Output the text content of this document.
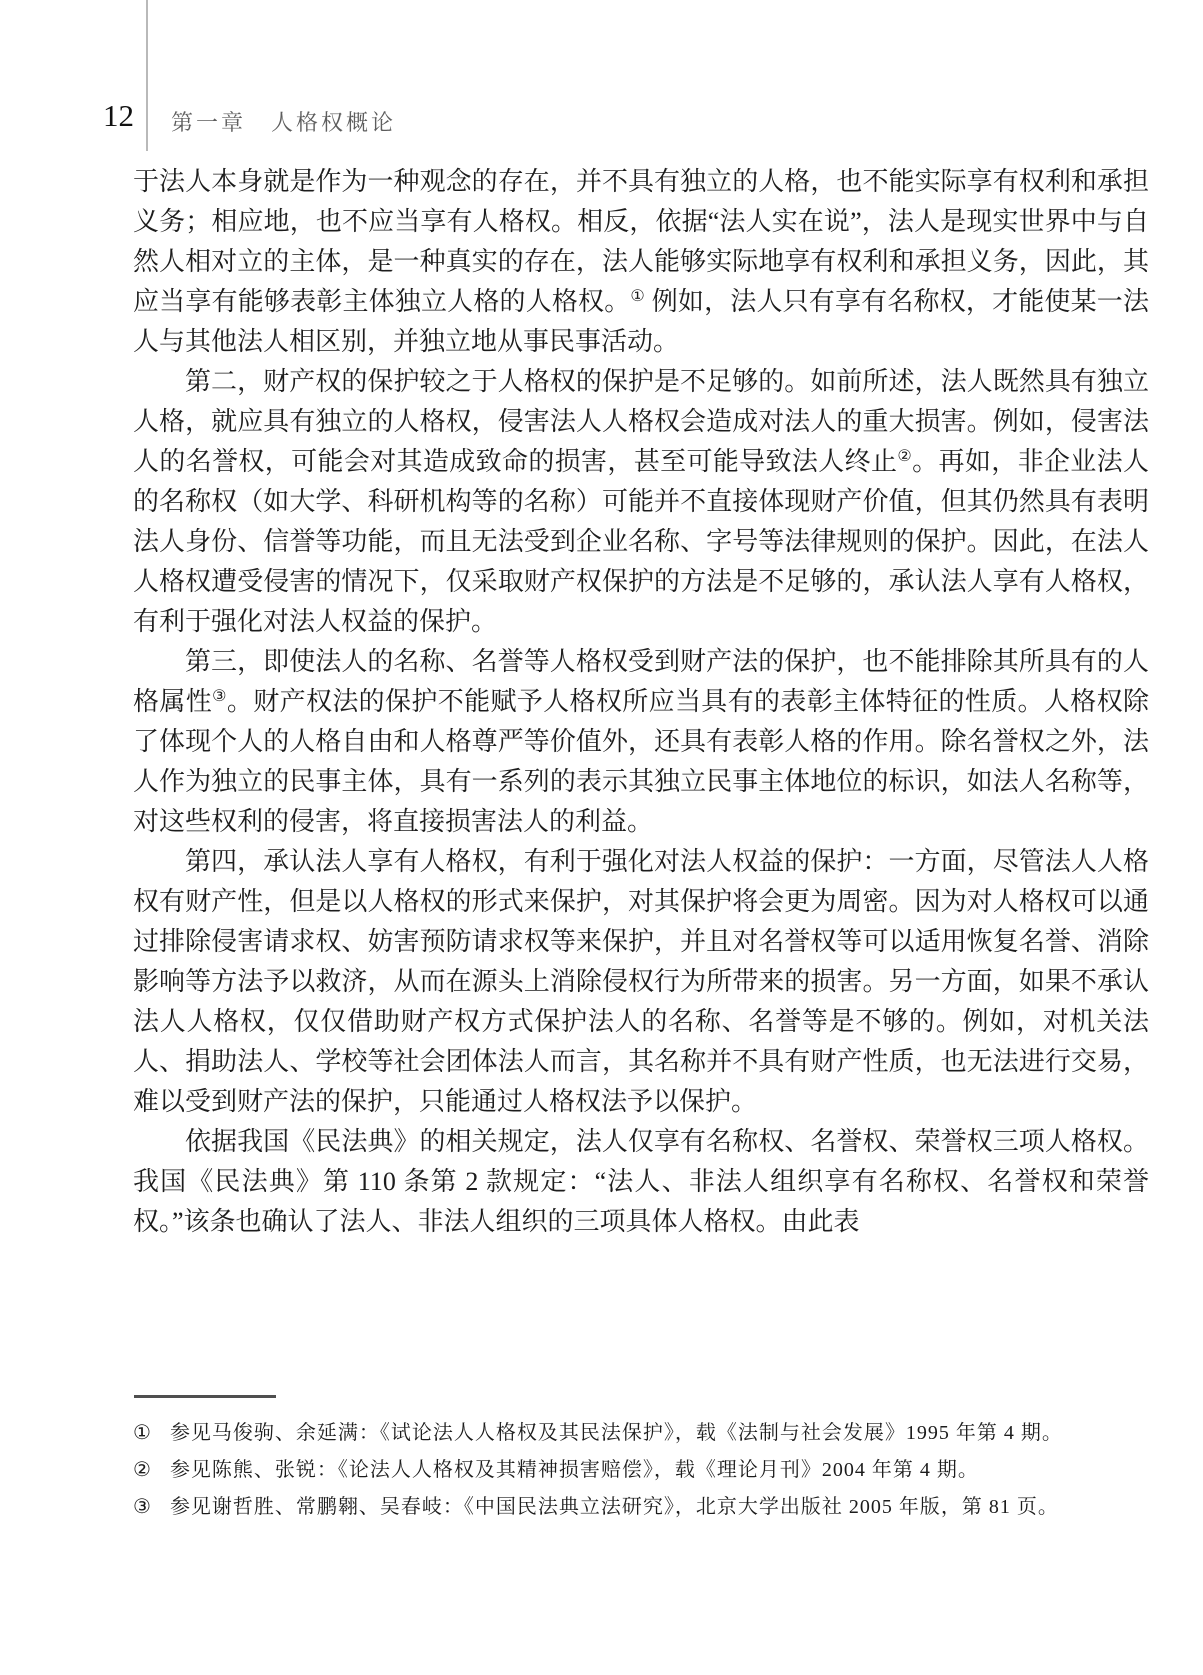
12 第一章　人格权概论

于法人本身就是作为一种观念的存在，并不具有独立的人格，也不能实际享有权利和承担义务；相应地，也不应当享有人格权。相反，依据“法人实在说”，法人是现实世界中与自然人相对立的主体，是一种真实的存在，法人能够实际地享有权利和承担义务，因此，其应当享有能够表彰主体独立人格的人格权。① 例如，法人只有享有名称权，才能使某一法人与其他法人相区别，并独立地从事民事活动。

第二，财产权的保护较之于人格权的保护是不足够的。如前所述，法人既然具有独立人格，就应具有独立的人格权，侵害法人人格权会造成对法人的重大损害。例如，侵害法人的名誉权，可能会对其造成致命的损害，甚至可能导致法人终止②。再如，非企业法人的名称权（如大学、科研机构等的名称）可能并不直接体现财产价值，但其仍然具有表明法人身份、信誉等功能，而且无法受到企业名称、字号等法律规则的保护。因此，在法人人格权遭受侵害的情况下，仅采取财产权保护的方法是不足够的，承认法人享有人格权，有利于强化对法人权益的保护。

第三，即使法人的名称、名誉等人格权受到财产法的保护，也不能排除其所具有的人格属性③。财产权法的保护不能赋予人格权所应当具有的表彰主体特征的性质。人格权除了体现个人的人格自由和人格尊严等价值外，还具有表彰人格的作用。除名誉权之外，法人作为独立的民事主体，具有一系列的表示其独立民事主体地位的标识，如法人名称等，对这些权利的侵害，将直接损害法人的利益。

第四，承认法人享有人格权，有利于强化对法人权益的保护：一方面，尽管法人人格权有财产性，但是以人格权的形式来保护，对其保护将会更为周密。因为对人格权可以通过排除侵害请求权、妨害预防请求权等来保护，并且对名誉权等可以适用恢复名誉、消除影响等方法予以救济，从而在源头上消除侵权行为所带来的损害。另一方面，如果不承认法人人格权，仅仅借助财产权方式保护法人的名称、名誉等是不够的。例如，对机关法人、捐助法人、学校等社会团体法人而言，其名称并不具有财产性质，也无法进行交易，难以受到财产法的保护，只能通过人格权法予以保护。

依据我国《民法典》的相关规定，法人仅享有名称权、名誉权、荣誉权三项人格权。我国《民法典》第 110 条第 2 款规定：“法人、非法人组织享有名称权、名誉权和荣誉权。”该条也确认了法人、非法人组织的三项具体人格权。由此表

① 参见马俊驹、余延满：《试论法人人格权及其民法保护》，载《法制与社会发展》1995 年第 4 期。

② 参见陈熊、张锐：《论法人人格权及其精神损害赔偿》，载《理论月刊》2004 年第 4 期。

③ 参见谢哲胜、常鹏翱、吴春岐：《中国民法典立法研究》，北京大学出版社 2005 年版，第 81 页。
